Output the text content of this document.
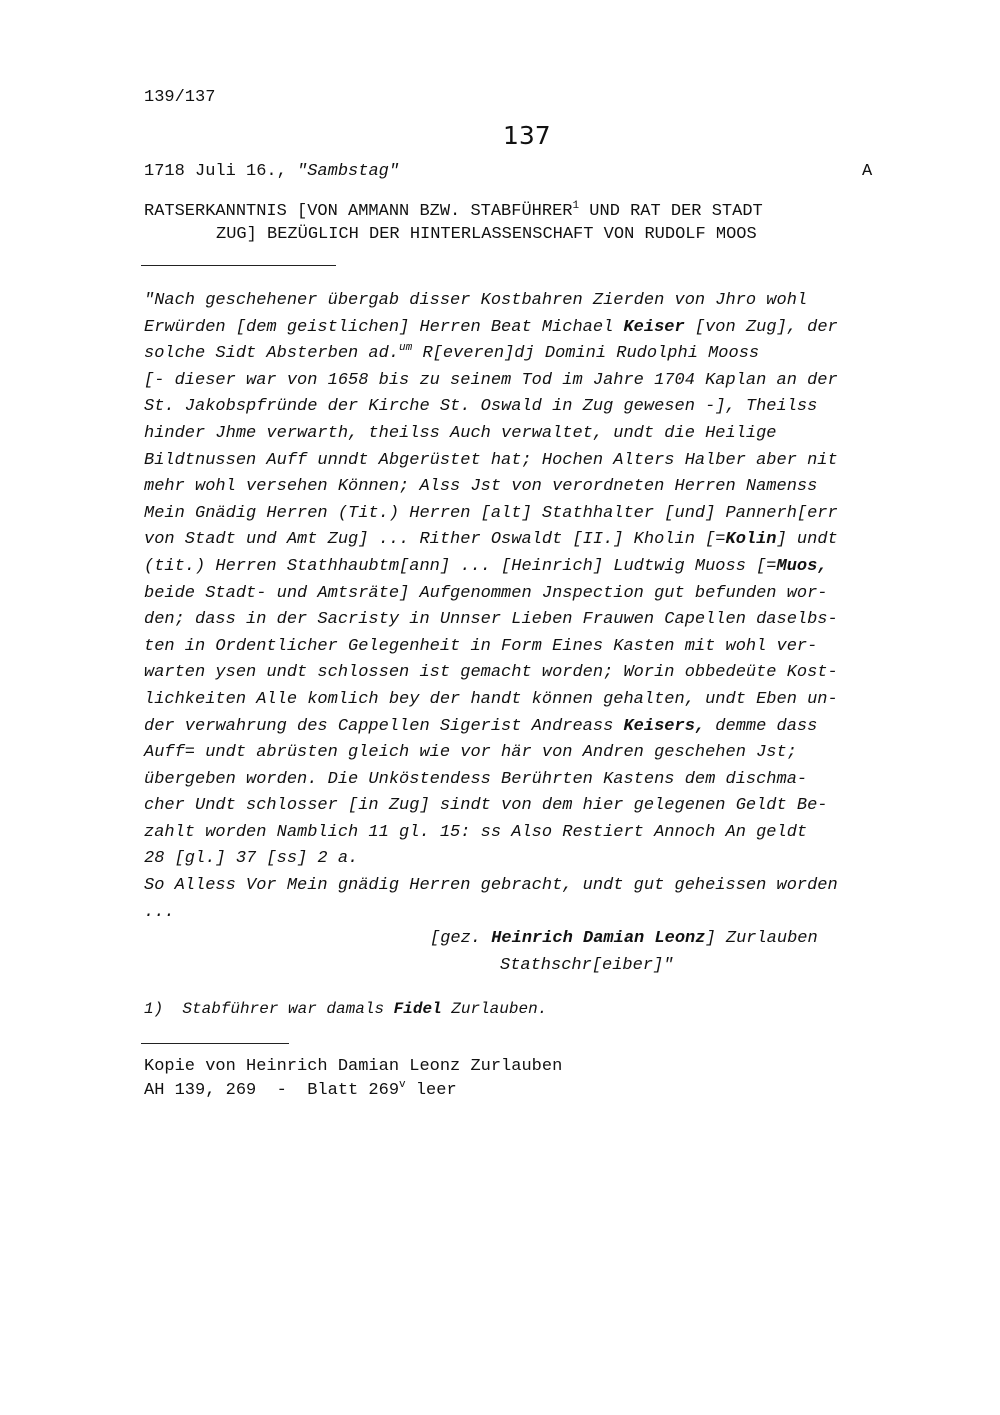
139/137
137
1718 Juli 16., "Sambstag"	A
RATSERKANNTNIS [VON AMMANN BZW. STABFÜHRER$^1$ UND RAT DER STADT
ZUG] BEZÜGLICH DER HINTERLASSENSCHAFT VON RUDOLF MOOS
"Nach geschehener übergab disser Kostbahren Zierden von Jhro wohl
Erwürden [dem geistlichen] Herren Beat Michael Keiser [von Zug], der
solche Sidt Absterben ad.$^{um}$ R[everen]dj Domini Rudolphi Mooss
[- dieser war von 1658 bis zu seinem Tod im Jahre 1704 Kaplan an der
St. Jakobspfründe der Kirche St. Oswald in Zug gewesen -], Theilss
hinder Jhme verwarth, theilss Auch verwaltet, undt die Heilige
Bildtnussen Auff unndt Abgerüstet hat; Hochen Alters Halber aber nit
mehr wohl versehen Können; Alss Jst von verordneten Herren Namenss
Mein Gnädig Herren (Tit.) Herren [alt] Stathhalter [und] Pannerh[err
von Stadt und Amt Zug] ... Rither Oswaldt [II.] Kholin [=Kolin] undt
(tit.) Herren Stathhaubtm[ann] ... [Heinrich] Ludtwig Muoss [=Muos,
beide Stadt- und Amtsräte] Aufgenommen Jnspection gut befunden wor-
den; dass in der Sacristy in Unnser Lieben Frauwen Capellen daselbs-
ten in Ordentlicher Gelegenheit in Form Eines Kasten mit wohl ver-
warten ysen undt schlossen ist gemacht worden; Worin obbedeüte Kost-
lichkeiten Alle komlich bey der handt können gehalten, undt Eben un-
der verwahrung des Cappellen Sigerist Andreass Keisers, demme dass
Auff= undt abrüsten gleich wie vor här von Andren geschehen Jst;
übergeben worden. Die Unköstendess Berührten Kastens dem dischma-
cher Undt schlosser [in Zug] sindt von dem hier gelegenen Geldt Be-
zahlt worden Namblich 11 gl. 15: ss Also Restiert Annoch An geldt
28 [gl.] 37 [ss] 2 a.
So Alless Vor Mein gnädig Herren gebracht, undt gut geheissen worden
...
[gez. Heinrich Damian Leonz] Zurlauben
Stathschr[eiber]"
1)  Stabführer war damals Fidel Zurlauben.
Kopie von Heinrich Damian Leonz Zurlauben
AH 139, 269  -  Blatt 269$^v$ leer
